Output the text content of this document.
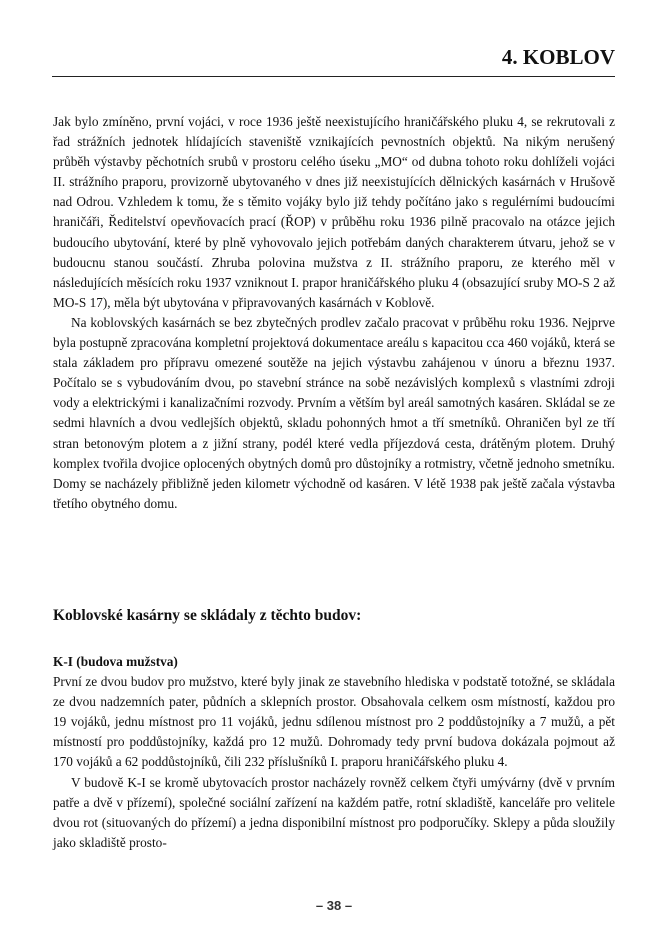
4. KOBLOV

Jak bylo zmíněno, první vojáci, v roce 1936 ještě neexistujícího hraničářského pluku 4, se rekrutovali z řad strážních jednotek hlídajících staveniště vznikajících pevnostních objektů. Na nikým nerušený průběh výstavby pěchotních srubů v prostoru celého úseku „MO“ od dubna tohoto roku dohlíželi vojáci II. strážního praporu, provizorně ubytovaného v dnes již neexistujících dělnických kasárnách v Hrušově nad Odrou. Vzhledem k tomu, že s těmito vojáky bylo již tehdy počítáno jako s regulérními budoucími hraničáři, Ředitelství opevňovacích prací (ŘOP) v průběhu roku 1936 pilně pracovalo na otázce jejich budoucího ubytování, které by plně vyhovovalo jejich potřebám daných charakterem útvaru, jehož se v budoucnu stanou součástí. Zhruba polovina mužstva z II. strážního praporu, ze kterého měl v následujících měsících roku 1937 vzniknout I. prapor hraničářského pluku 4 (obsazující sruby MO-S 2 až MO-S 17), měla být ubytována v připravovaných kasárnách v Koblově.

Na koblovských kasárnách se bez zbytečných prodlev začalo pracovat v průběhu roku 1936. Nejprve byla postupně zpracována kompletní projektová dokumentace areálu s kapacitou cca 460 vojáků, která se stala základem pro přípravu omezené soutěže na jejich výstavbu zahájenou v únoru a březnu 1937. Počítalo se s vybudováním dvou, po stavební stránce na sobě nezávislých komplexů s vlastními zdroji vody a elektrickými i kanalizačními rozvody. Prvním a větším byl areál samotných kasáren. Skládal se ze sedmi hlavních a dvou vedlejších objektů, skladu pohonných hmot a tří smetníků. Ohraničen byl ze tří stran betonovým plotem a z jižní strany, podél které vedla příjezdová cesta, drátěným plotem. Druhý komplex tvořila dvojice oplocených obytných domů pro důstojníky a rotmistry, včetně jednoho smetníku. Domy se nacházely přibližně jeden kilometr východně od kasáren. V létě 1938 pak ještě začala výstavba třetího obytného domu.

Koblovské kasárny se skládaly z těchto budov:

K-I (budova mužstva)

První ze dvou budov pro mužstvo, které byly jinak ze stavebního hlediska v podstatě totožné, se skládala ze dvou nadzemních pater, půdních a sklepních prostor. Obsahovala celkem osm místností, každou pro 19 vojáků, jednu místnost pro 11 vojáků, jednu sdílenou místnost pro 2 poddůstojníky a 7 mužů, a pět místností pro poddůstojníky, každá pro 12 mužů. Dohromady tedy první budova dokázala pojmout až 170 vojáků a 62 poddůstojníků, čili 232 příslušníků I. praporu hraničářského pluku 4.

V budově K-I se kromě ubytovacích prostor nacházely rovněž celkem čtyři umývárny (dvě v prvním patře a dvě v přízemí), společné sociální zařízení na každém patře, rotní skladiště, kanceláře pro velitele dvou rot (situovaných do přízemí) a jedna disponibilní místnost pro podporučíky. Sklepy a půda sloužily jako skladiště prosto-

– 38 –
